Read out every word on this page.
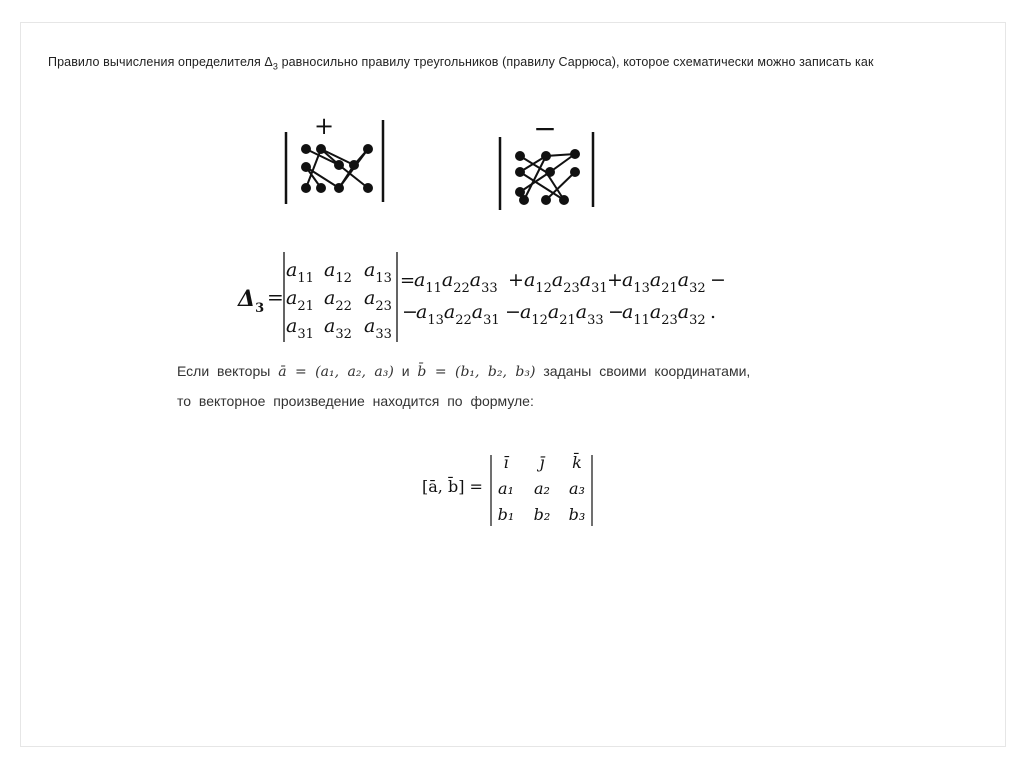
Правило вычисления определителя $\Delta_3$ равносильно правилу треугольников (правилу Саррюса), которое схематически можно записать как
+	−
$\Delta_3$ =
$a_{11}$ $a_{12}$ $a_{13}$
$a_{21}$ $a_{22}$ $a_{23}$
$a_{31}$ $a_{32}$ $a_{33}$
=
$a_{11}a_{22}a_{33} + a_{12}a_{23}a_{31} + a_{13}a_{21}a_{32}$ −
−
$a_{13}a_{22}a_{31} - a_{12}a_{21}a_{33}$ −
$a_{11}a_{23}a_{32}$ .
Если векторы ā = (a₁, a₂, a₃) и b̄ = (b₁, b₂, b₃) заданы своими координатами,
то векторное произведение находится по формуле:
[ā, b̄] =
ī j̄ k̄
a₁ a₂ a₃
b₁ b₂ b₃
